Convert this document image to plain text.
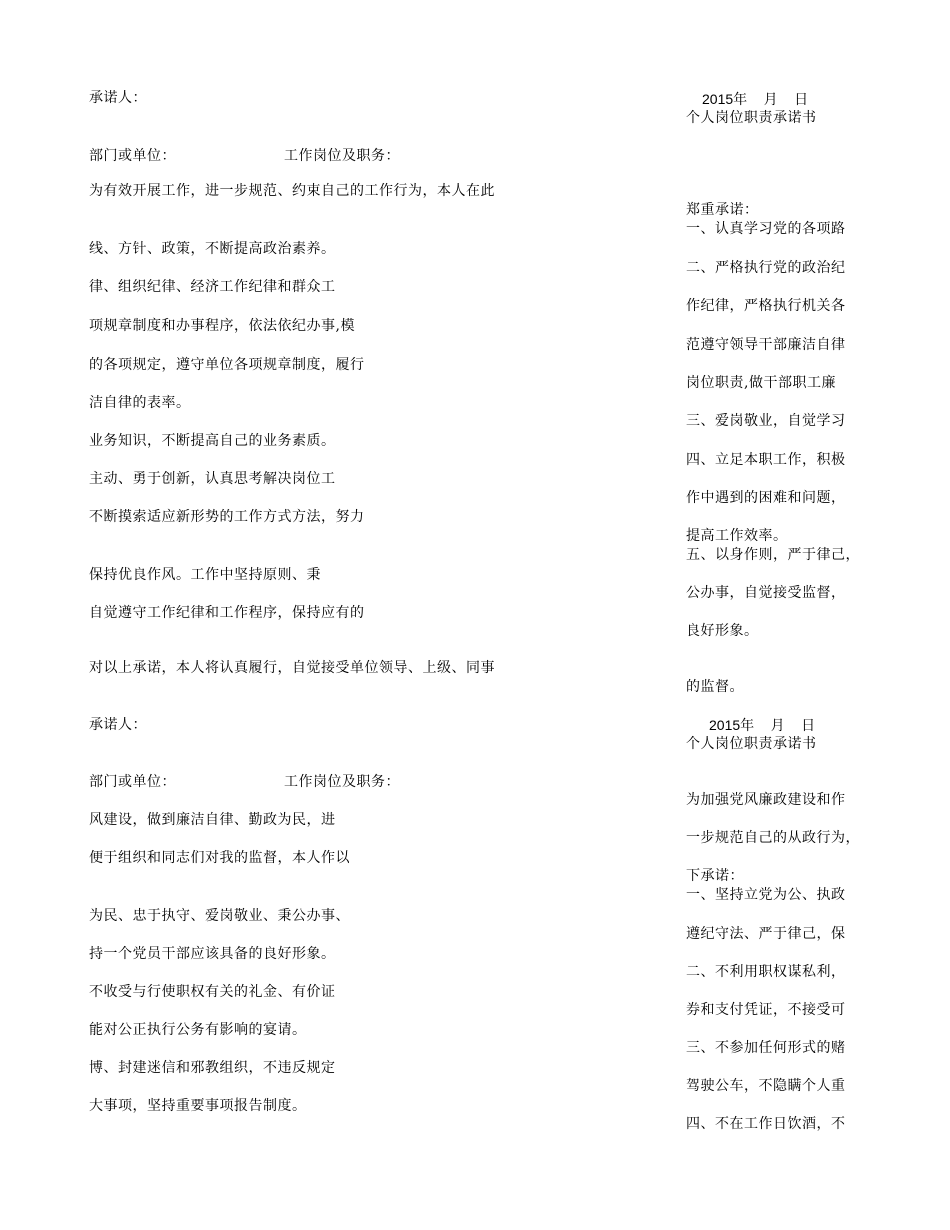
承诺人：
部门或单位：	工作岗位及职务：
为有效开展工作，进一步规范、约束自己的工作行为，本人在此
线、方针、政策，不断提高政治素养。
律、组织纪律、经济工作纪律和群众工
项规章制度和办事程序，依法依纪办事,模
的各项规定，遵守单位各项规章制度，履行
洁自律的表率。
业务知识，不断提高自己的业务素质。
主动、勇于创新，认真思考解决岗位工
不断摸索适应新形势的工作方式方法，努力
保持优良作风。工作中坚持原则、秉
自觉遵守工作纪律和工作程序，保持应有的
对以上承诺，本人将认真履行，自觉接受单位领导、上级、同事
承诺人：
部门或单位：	工作岗位及职务：
风建设，做到廉洁自律、勤政为民，进
便于组织和同志们对我的监督，本人作以
为民、忠于执守、爱岗敬业、秉公办事、
持一个党员干部应该具备的良好形象。
不收受与行使职权有关的礼金、有价证
能对公正执行公务有影响的宴请。
博、封建迷信和邪教组织，不违反规定
大事项，坚持重要事项报告制度。
2015年 月 日
个人岗位职责承诺书
郑重承诺：
一、认真学习党的各项路
二、严格执行党的政治纪
作纪律，严格执行机关各
范遵守领导干部廉洁自律
岗位职责,做干部职工廉
三、爱岗敬业，自觉学习
四、立足本职工作，积极
作中遇到的困难和问题，
提高工作效率。
五、以身作则，严于律己，
公办事，自觉接受监督，
良好形象。
的监督。
2015年 月 日
个人岗位职责承诺书
为加强党风廉政建设和作
一步规范自己的从政行为，
下承诺：
一、坚持立党为公、执政
遵纪守法、严于律己，保
二、不利用职权谋私利，
券和支付凭证，不接受可
三、不参加任何形式的赌
驾驶公车，不隐瞒个人重
四、不在工作日饮酒，不
